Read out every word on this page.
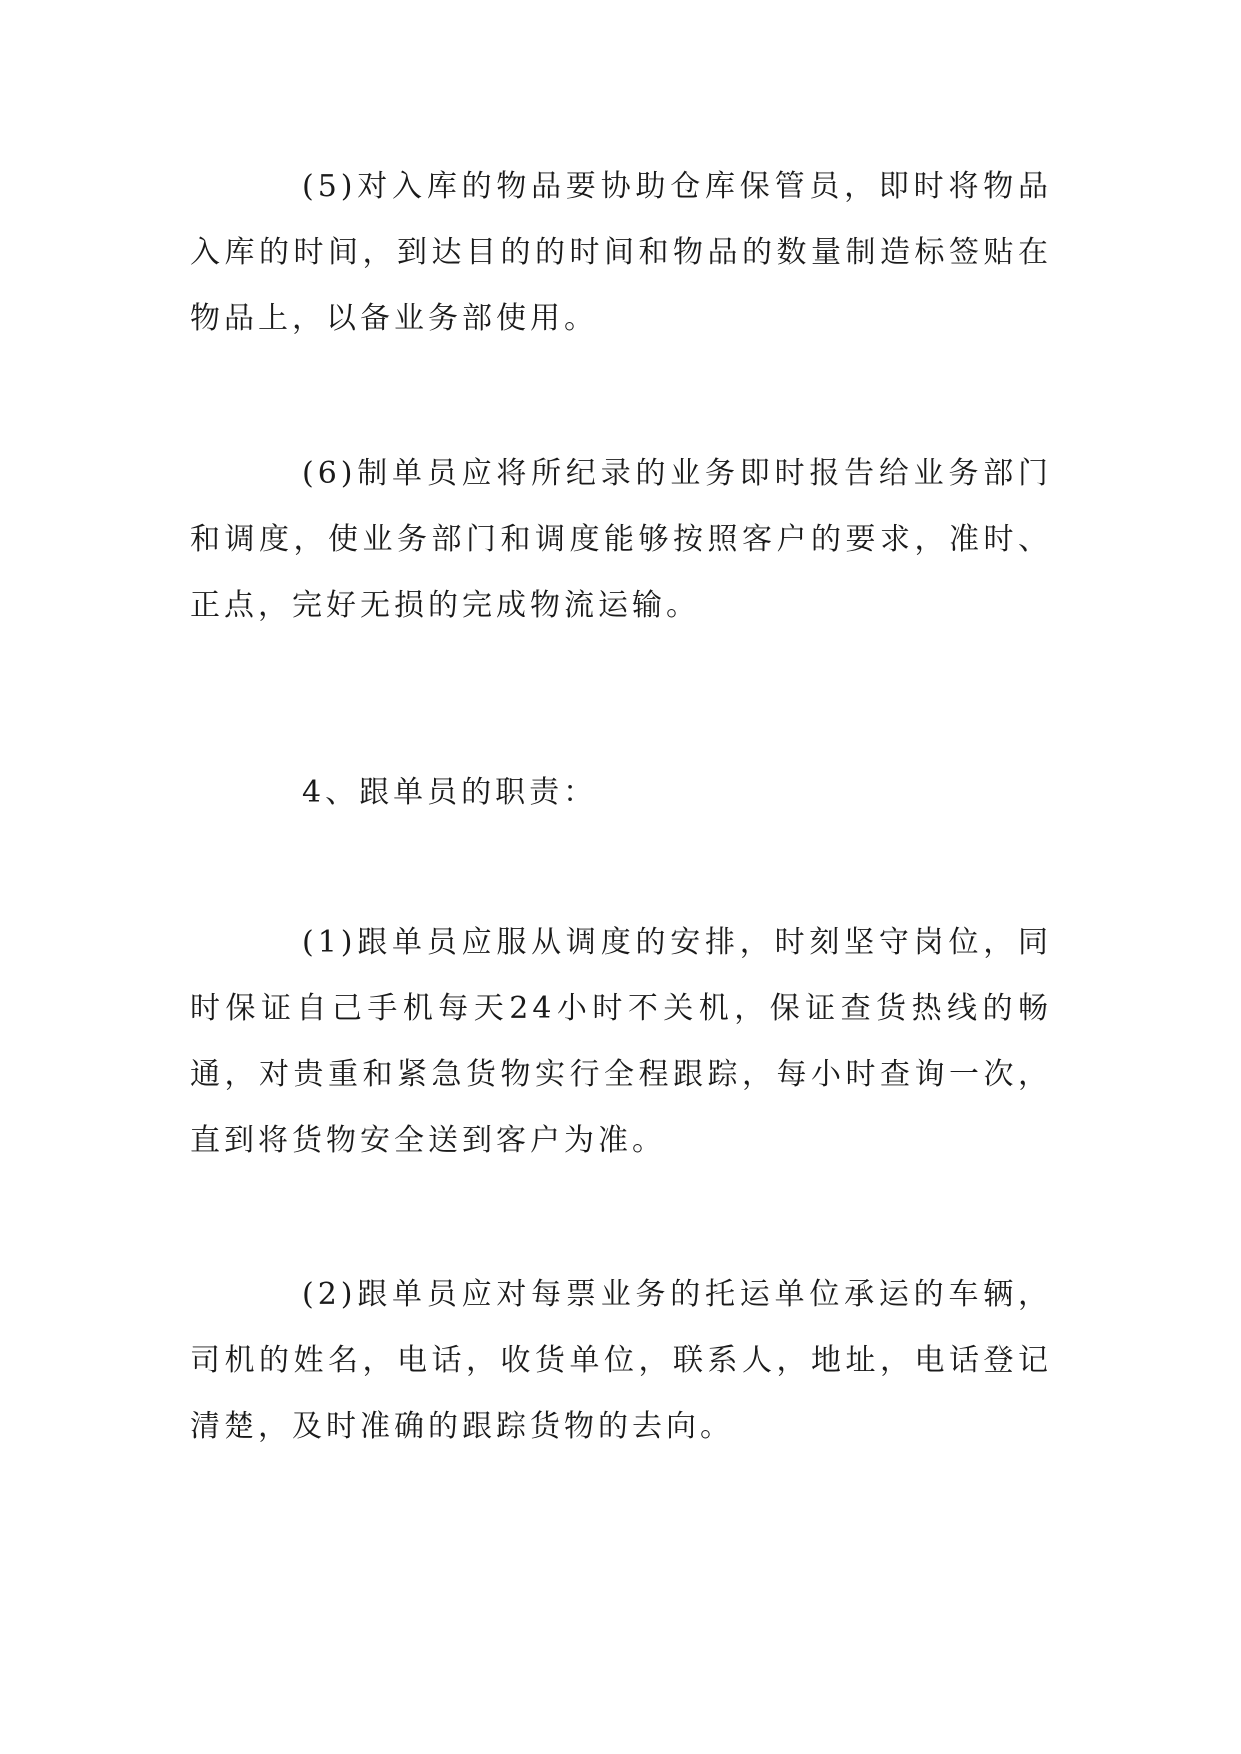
(5)对入库的物品要协助仓库保管员，即时将物品入库的时间，到达目的的时间和物品的数量制造标签贴在物品上，以备业务部使用。

(6)制单员应将所纪录的业务即时报告给业务部门和调度，使业务部门和调度能够按照客户的要求，准时、正点，完好无损的完成物流运输。

4、跟单员的职责：

(1)跟单员应服从调度的安排，时刻坚守岗位，同时保证自己手机每天24小时不关机，保证查货热线的畅通，对贵重和紧急货物实行全程跟踪，每小时查询一次，直到将货物安全送到客户为准。

(2)跟单员应对每票业务的托运单位承运的车辆，司机的姓名，电话，收货单位，联系人，地址，电话登记清楚，及时准确的跟踪货物的去向。
